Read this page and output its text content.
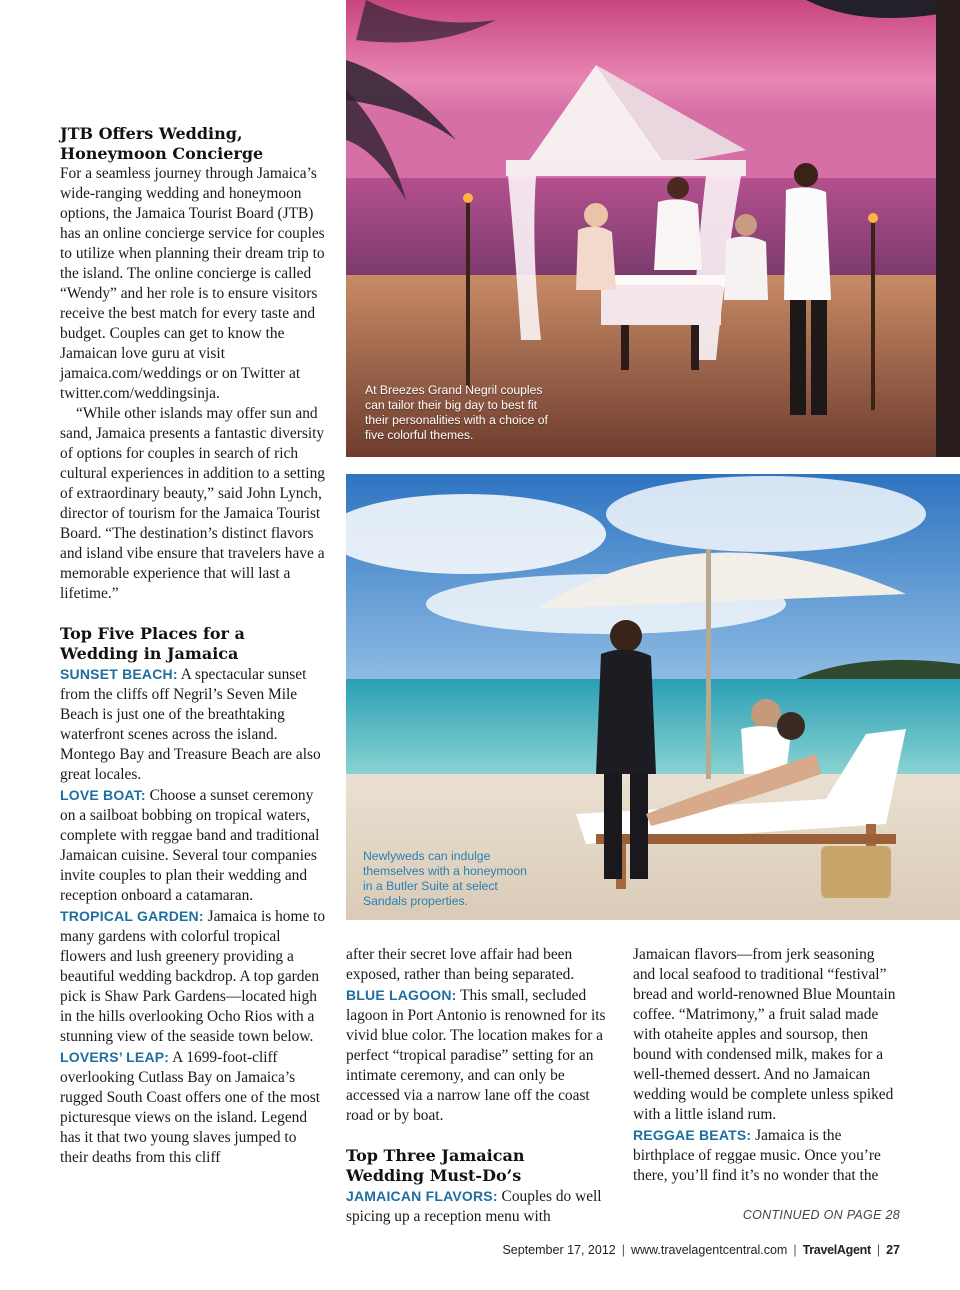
At Breezes Grand Negril couples can tailor their big day to best fit their personalities with a choice of five colorful themes.
Newlyweds can indulge themselves with a honeymoon in a Butler Suite at select Sandals properties.
JTB Offers Wedding, Honeymoon Concierge

For a seamless journey through Jamaica’s wide-ranging wedding and honeymoon options, the Jamaica Tourist Board (JTB) has an online concierge service for couples to utilize when planning their dream trip to the island. The online concierge is called “Wendy” and her role is to ensure visitors receive the best match for every taste and budget. Couples can get to know the Jamaican love guru at visit jamaica.com/weddings or on Twitter at twitter.com/weddingsinja.

“While other islands may offer sun and sand, Jamaica presents a fantastic diversity of options for couples in search of rich cultural experiences in addition to a setting of extraordinary beauty,” said John Lynch, director of tourism for the Jamaica Tourist Board. “The destination’s distinct flavors and island vibe ensure that travelers have a memorable experience that will last a lifetime.”

Top Five Places for a Wedding in Jamaica

SUNSET BEACH: A spectacular sunset from the cliffs off Negril’s Seven Mile Beach is just one of the breathtaking waterfront scenes across the island. Montego Bay and Treasure Beach are also great locales.

LOVE BOAT: Choose a sunset ceremony on a sailboat bobbing on tropical waters, complete with reggae band and traditional Jamaican cuisine. Several tour companies invite couples to plan their wedding and reception onboard a catamaran.

TROPICAL GARDEN: Jamaica is home to many gardens with colorful tropical flowers and lush greenery providing a beautiful wedding backdrop. A top garden pick is Shaw Park Gardens—located high in the hills overlooking Ocho Rios with a stunning view of the seaside town below.

LOVERS’ LEAP: A 1699-foot-cliff overlooking Cutlass Bay on Jamaica’s rugged South Coast offers one of the most picturesque views on the island. Legend has it that two young slaves jumped to their deaths from this cliff

after their secret love affair had been exposed, rather than being separated.

BLUE LAGOON: This small, secluded lagoon in Port Antonio is renowned for its vivid blue color. The location makes for a perfect “tropical paradise” setting for an intimate ceremony, and can only be accessed via a narrow lane off the coast road or by boat.

Top Three Jamaican Wedding Must-Do’s

JAMAICAN FLAVORS: Couples do well spicing up a reception menu with

Jamaican flavors—from jerk seasoning and local seafood to traditional “festival” bread and world-renowned Blue Mountain coffee. “Matrimony,” a fruit salad made with otaheite apples and soursop, then bound with condensed milk, makes for a well-themed dessert. And no Jamaican wedding would be complete unless spiked with a little island rum.

REGGAE BEATS: Jamaica is the birthplace of reggae music. Once you’re there, you’ll find it’s no wonder that the

CONTINUED ON PAGE 28
September 17, 2012 | www.travelagentcentral.com | TravelAgent | 27
